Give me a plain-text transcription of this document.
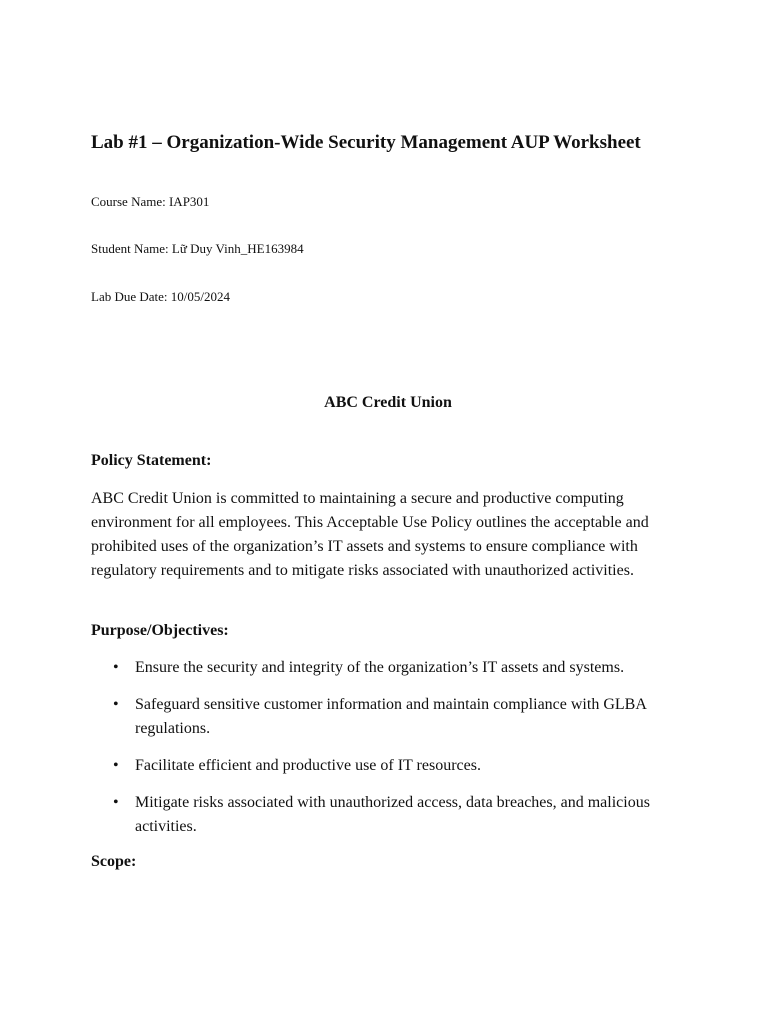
Lab #1 – Organization-Wide Security Management AUP Worksheet

Course Name: IAP301

Student Name: Lữ Duy Vinh_HE163984

Lab Due Date: 10/05/2024

ABC Credit Union
Policy Statement:

ABC Credit Union is committed to maintaining a secure and productive computing environment for all employees. This Acceptable Use Policy outlines the acceptable and prohibited uses of the organization’s IT assets and systems to ensure compliance with regulatory requirements and to mitigate risks associated with unauthorized activities.

Purpose/Objectives:
• Ensure the security and integrity of the organization’s IT assets and systems.
• Safeguard sensitive customer information and maintain compliance with GLBA regulations.
• Facilitate efficient and productive use of IT resources.
• Mitigate risks associated with unauthorized access, data breaches, and malicious activities.
Scope:
